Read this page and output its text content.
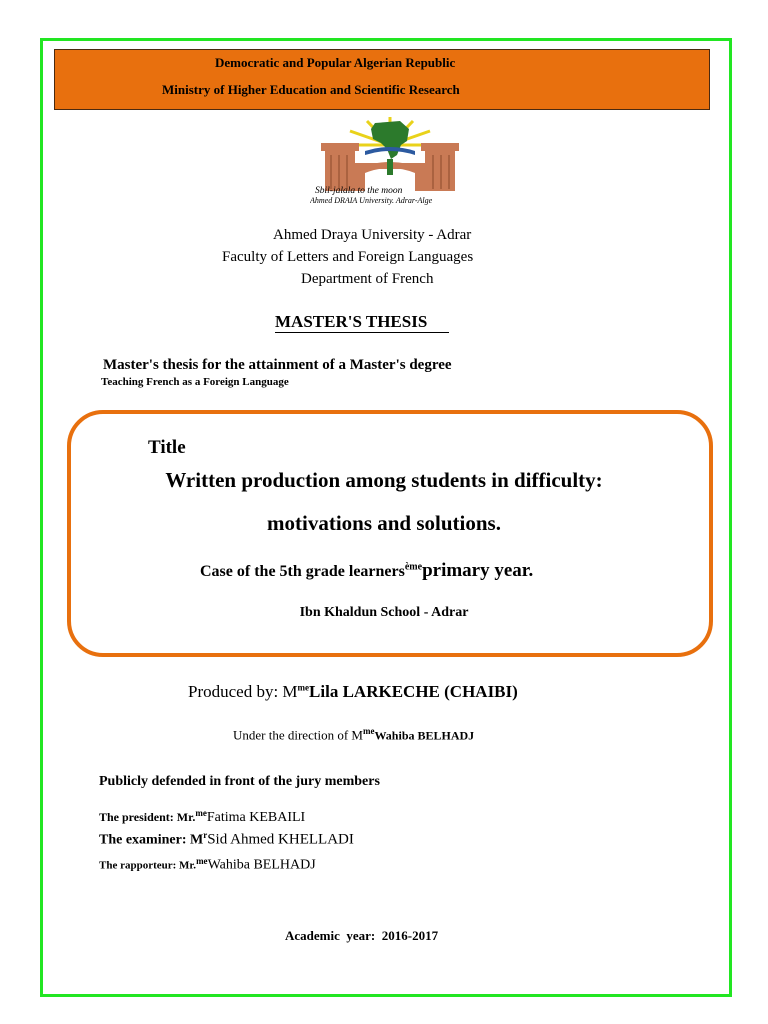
Democratic and Popular Algerian Republic
Ministry of Higher Education and Scientific Research
Sbil-jalala to the moon
Ahmed DRAIA University. Adrar-Alge
Ahmed Draya University - Adrar
Faculty of Letters and Foreign Languages
Department of French
MASTER'S THESIS
Master's thesis for the attainment of a Master's degree
Teaching French as a Foreign Language
Title
Written production among students in difficulty:
motivations and solutions.
Case of the 5th grade learners$^{ème}$primary year.
Ibn Khaldun School - Adrar
Produced by: $M^{me}Lila$ LARKECHE (CHAIBI)
Under the direction of $M^{me}Wahiba$ BELHADJ
Publicly defended in front of the jury members
The president: Mr.$^{me}$Fatima KEBAILI
The examiner: $M^rSid$ Ahmed KHELLADI
The rapporteur: Mr.$^{me}$Wahiba BELHADJ
Academic  year:  2016-2017
